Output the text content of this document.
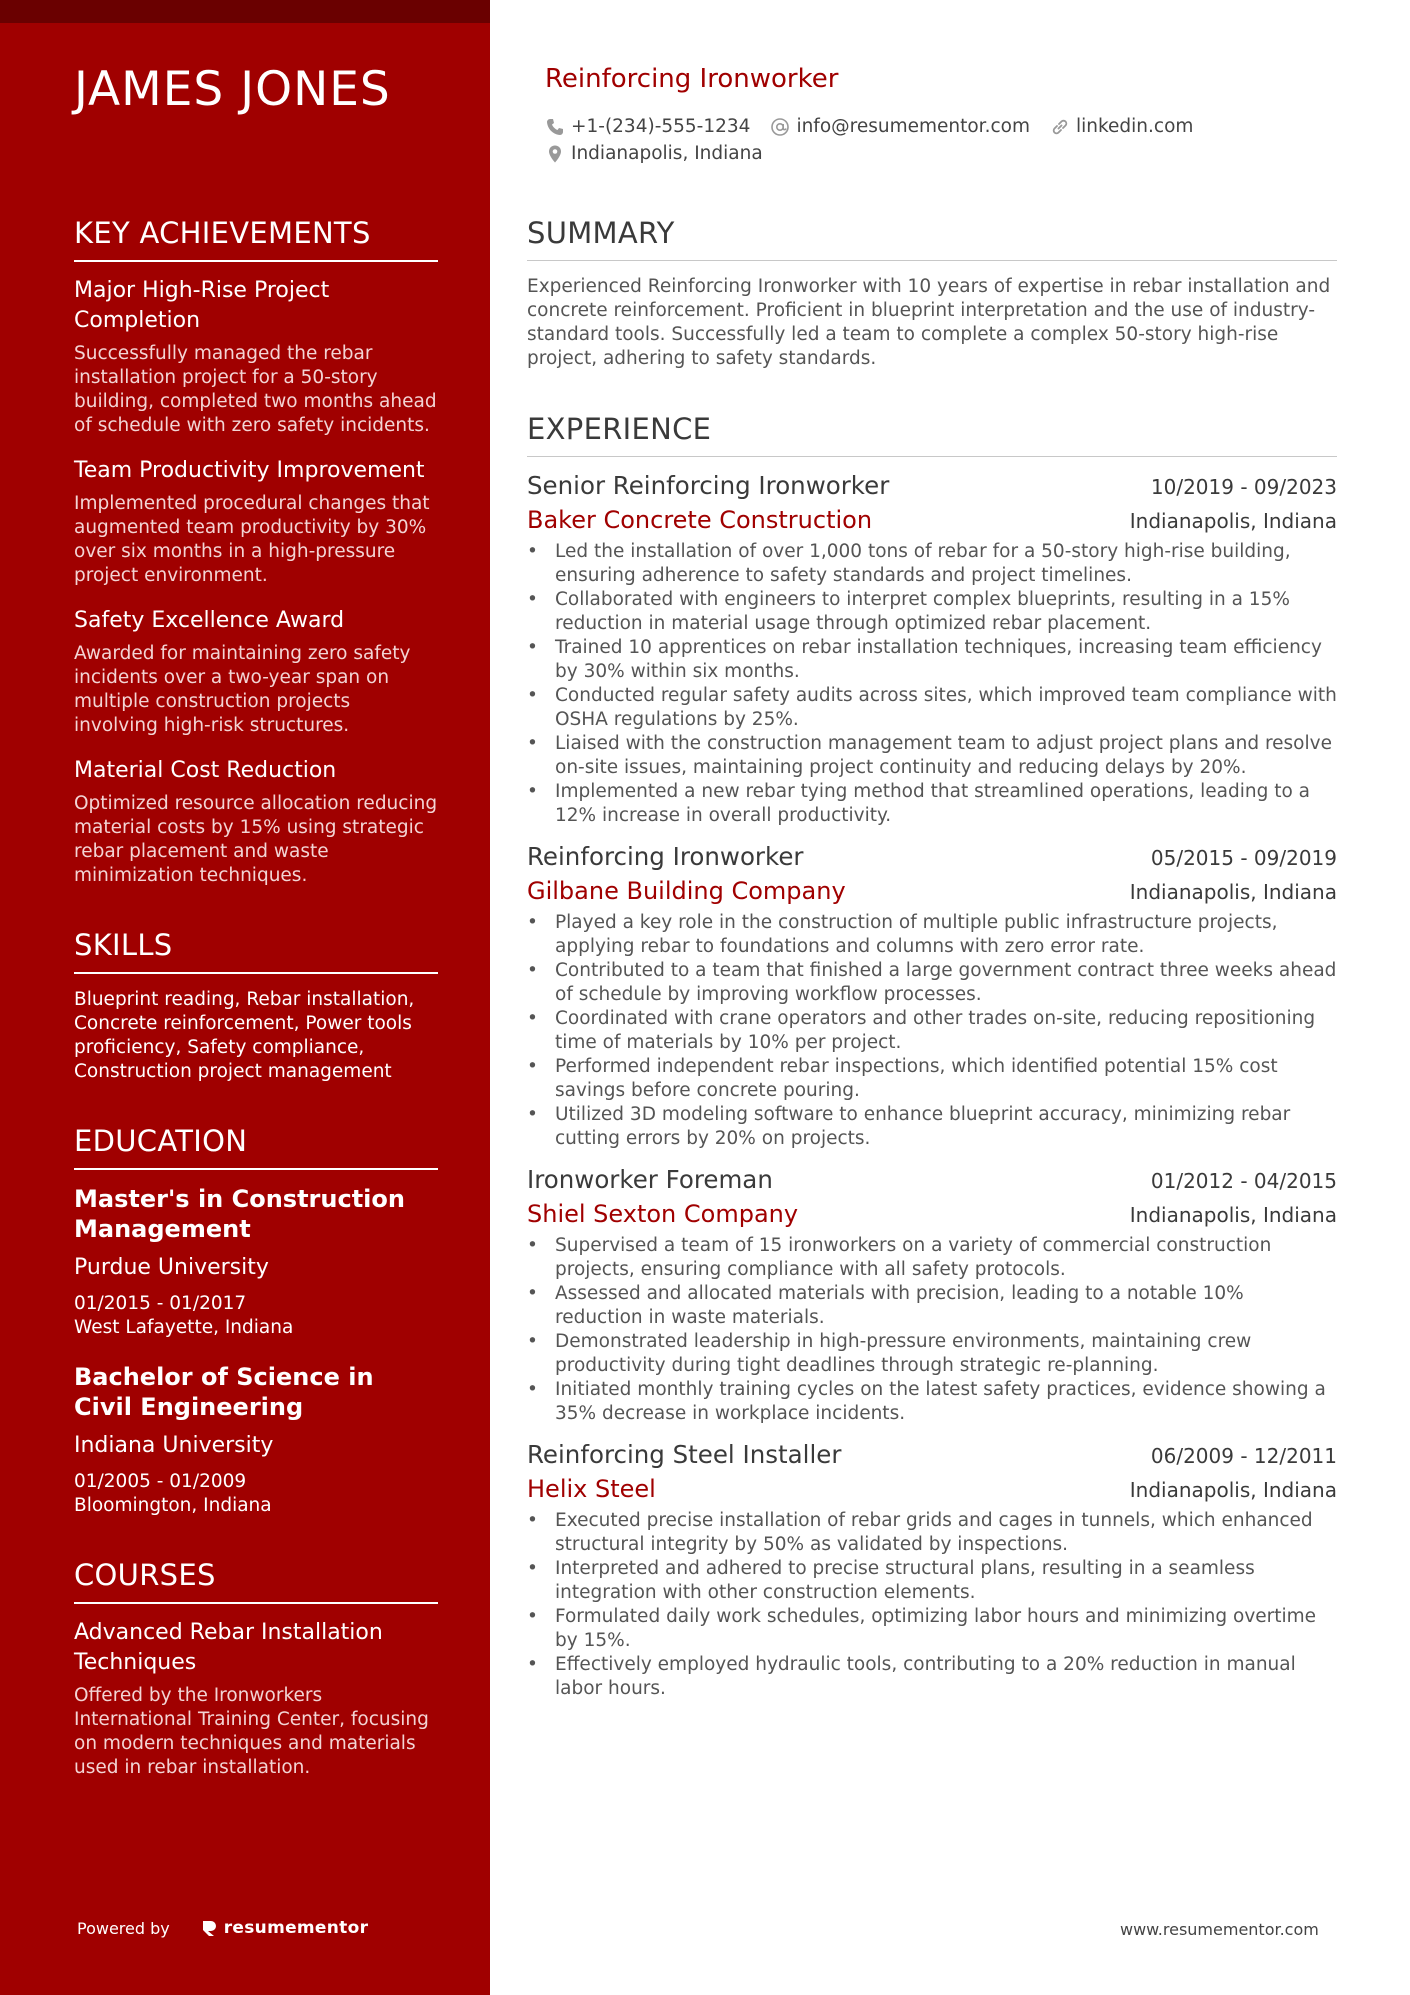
JAMES JONES
KEY ACHIEVEMENTS
Major High-Rise Project Completion
Successfully managed the rebar installation project for a 50-story building, completed two months ahead of schedule with zero safety incidents.
Team Productivity Improvement
Implemented procedural changes that augmented team productivity by 30% over six months in a high-pressure project environment.
Safety Excellence Award
Awarded for maintaining zero safety incidents over a two-year span on multiple construction projects involving high-risk structures.
Material Cost Reduction
Optimized resource allocation reducing material costs by 15% using strategic rebar placement and waste minimization techniques.
SKILLS
Blueprint reading, Rebar installation, Concrete reinforcement, Power tools proficiency, Safety compliance, Construction project management
EDUCATION
Master's in Construction Management
Purdue University
01/2015 - 01/2017
West Lafayette, Indiana
Bachelor of Science in Civil Engineering
Indiana University
01/2005 - 01/2009
Bloomington, Indiana
COURSES
Advanced Rebar Installation Techniques
Offered by the Ironworkers International Training Center, focusing on modern techniques and materials used in rebar installation.
Powered by	resumementor
Reinforcing Ironworker
+1-(234)-555-1234 info@resumementor.com linkedin.com
Indianapolis, Indiana
SUMMARY
Experienced Reinforcing Ironworker with 10 years of expertise in rebar installation and concrete reinforcement. Proficient in blueprint interpretation and the use of industry-standard tools. Successfully led a team to complete a complex 50-story high-rise project, adhering to safety standards.
EXPERIENCE
Senior Reinforcing Ironworker	10/2019 - 09/2023
Baker Concrete Construction	Indianapolis, Indiana
• Led the installation of over 1,000 tons of rebar for a 50-story high-rise building, ensuring adherence to safety standards and project timelines.
• Collaborated with engineers to interpret complex blueprints, resulting in a 15% reduction in material usage through optimized rebar placement.
• Trained 10 apprentices on rebar installation techniques, increasing team efficiency by 30% within six months.
• Conducted regular safety audits across sites, which improved team compliance with OSHA regulations by 25%.
• Liaised with the construction management team to adjust project plans and resolve on-site issues, maintaining project continuity and reducing delays by 20%.
• Implemented a new rebar tying method that streamlined operations, leading to a 12% increase in overall productivity.
Reinforcing Ironworker	05/2015 - 09/2019
Gilbane Building Company	Indianapolis, Indiana
• Played a key role in the construction of multiple public infrastructure projects, applying rebar to foundations and columns with zero error rate.
• Contributed to a team that finished a large government contract three weeks ahead of schedule by improving workflow processes.
• Coordinated with crane operators and other trades on-site, reducing repositioning time of materials by 10% per project.
• Performed independent rebar inspections, which identified potential 15% cost savings before concrete pouring.
• Utilized 3D modeling software to enhance blueprint accuracy, minimizing rebar cutting errors by 20% on projects.
Ironworker Foreman	01/2012 - 04/2015
Shiel Sexton Company	Indianapolis, Indiana
• Supervised a team of 15 ironworkers on a variety of commercial construction projects, ensuring compliance with all safety protocols.
• Assessed and allocated materials with precision, leading to a notable 10% reduction in waste materials.
• Demonstrated leadership in high-pressure environments, maintaining crew productivity during tight deadlines through strategic re-planning.
• Initiated monthly training cycles on the latest safety practices, evidence showing a 35% decrease in workplace incidents.
Reinforcing Steel Installer	06/2009 - 12/2011
Helix Steel	Indianapolis, Indiana
• Executed precise installation of rebar grids and cages in tunnels, which enhanced structural integrity by 50% as validated by inspections.
• Interpreted and adhered to precise structural plans, resulting in a seamless integration with other construction elements.
• Formulated daily work schedules, optimizing labor hours and minimizing overtime by 15%.
• Effectively employed hydraulic tools, contributing to a 20% reduction in manual labor hours.
www.resumementor.com
